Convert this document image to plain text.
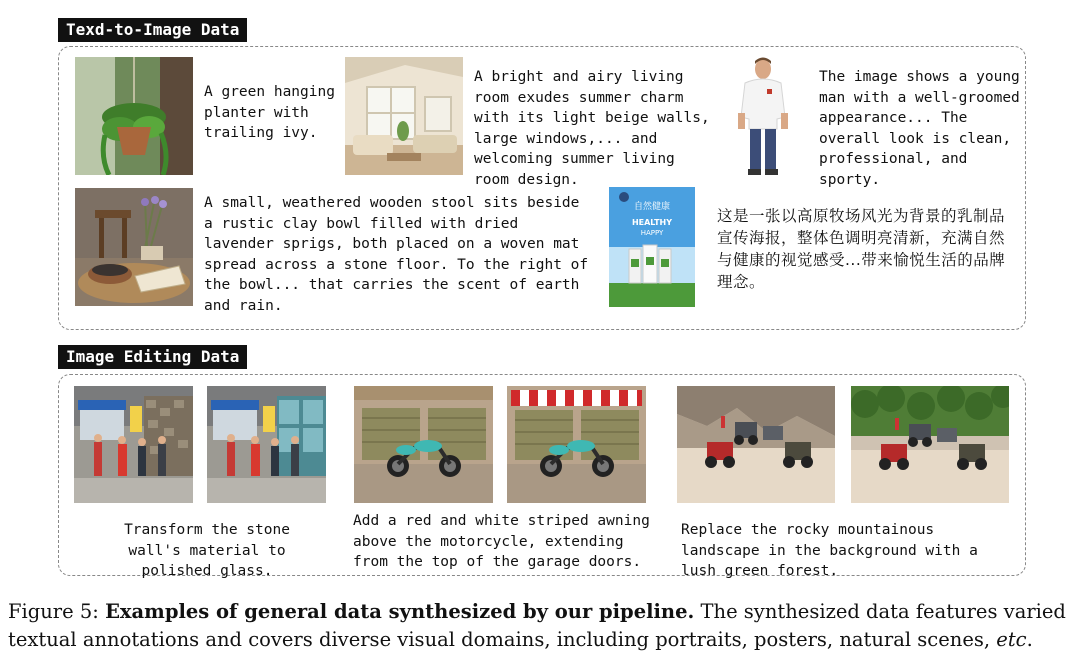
Texd-to-Image Data

A green hanging planter with trailing ivy.

A bright and airy living room exudes summer charm with its light beige walls, large windows,... and welcoming summer living room design.

The image shows a young man with a well-groomed appearance... The overall look is clean, professional, and sporty.

A small, weathered wooden stool sits beside a rustic clay bowl filled with dried lavender sprigs, both placed on a woven mat spread across a stone floor. To the right of the bowl... that carries the scent of earth and rain.

自然健康
HEALTHY
HAPPY

这是一张以高原牧场风光为背景的乳制品宣传海报，整体色调明亮清新，充满自然与健康的视觉感受...带来愉悦生活的品牌理念。

Image Editing Data

Transform the stone wall's material to polished glass.

Add a red and white striped awning above the motorcycle, extending from the top of the garage doors.

Replace the rocky mountainous landscape in the background with a lush green forest.

Figure 5: Examples of general data synthesized by our pipeline. The synthesized data features varied textual annotations and covers diverse visual domains, including portraits, posters, natural scenes, etc.
